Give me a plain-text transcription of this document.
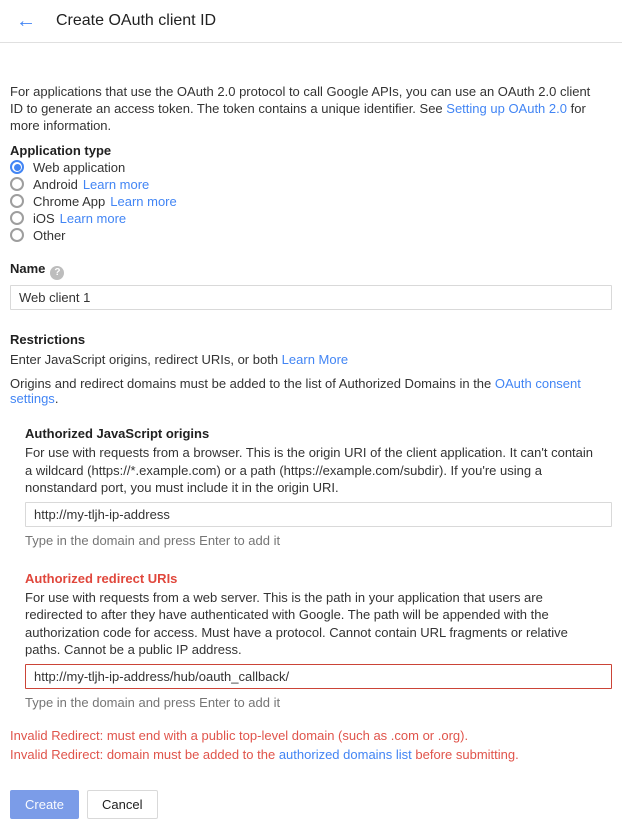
← Create OAuth client ID
For applications that use the OAuth 2.0 protocol to call Google APIs, you can use an OAuth 2.0 client ID to generate an access token. The token contains a unique identifier. See Setting up OAuth 2.0 for more information.
Application type
Web application
Android Learn more
Chrome App Learn more
iOS Learn more
Other
Name ?
Web client 1
Restrictions
Enter JavaScript origins, redirect URIs, or both Learn More
Origins and redirect domains must be added to the list of Authorized Domains in the OAuth consent settings.
Authorized JavaScript origins
For use with requests from a browser. This is the origin URI of the client application. It can't contain a wildcard (https://*.example.com) or a path (https://example.com/subdir). If you're using a nonstandard port, you must include it in the origin URI.
http://my-tljh-ip-address
Type in the domain and press Enter to add it
Authorized redirect URIs
For use with requests from a web server. This is the path in your application that users are redirected to after they have authenticated with Google. The path will be appended with the authorization code for access. Must have a protocol. Cannot contain URL fragments or relative paths. Cannot be a public IP address.
http://my-tljh-ip-address/hub/oauth_callback/
Type in the domain and press Enter to add it
Invalid Redirect: must end with a public top-level domain (such as .com or .org).
Invalid Redirect: domain must be added to the authorized domains list before submitting.
Create	Cancel
